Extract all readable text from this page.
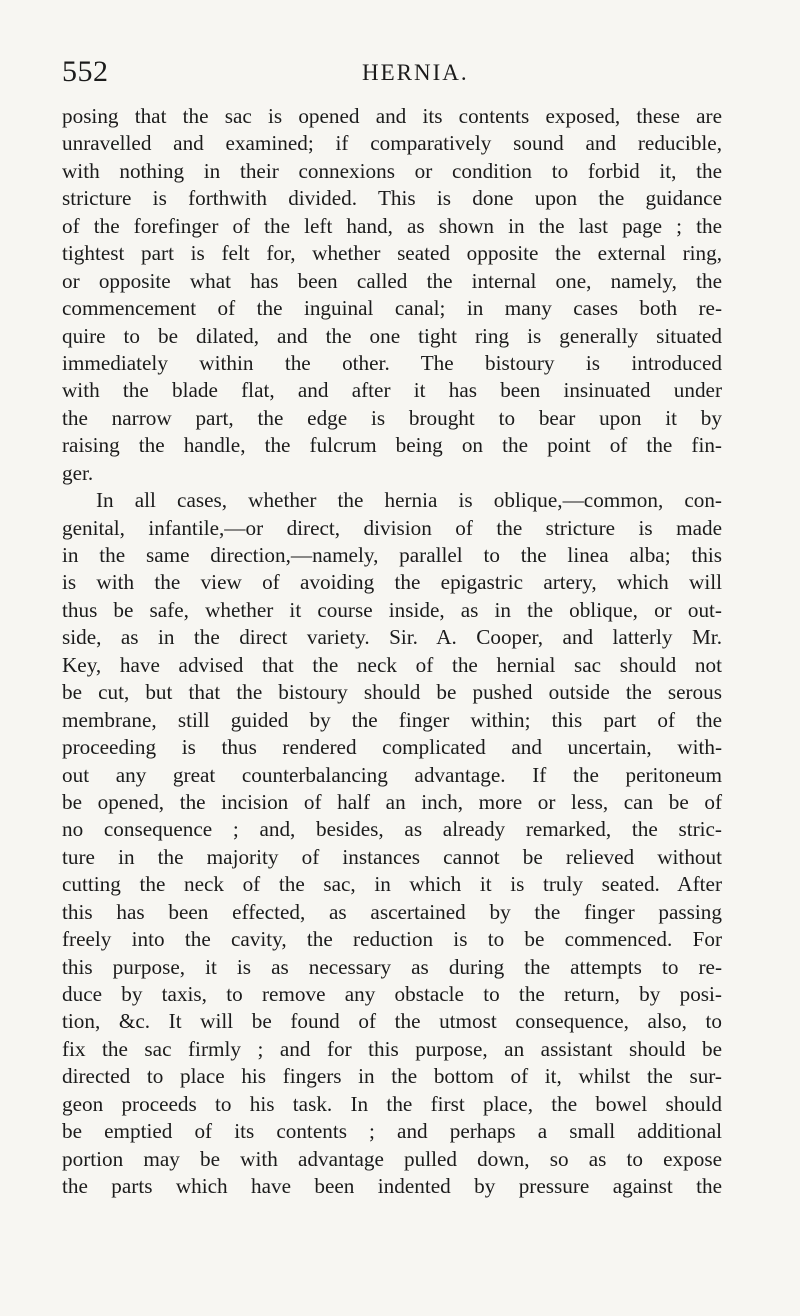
552	HERNIA.
posing that the sac is opened and its contents exposed, these are
unravelled and examined; if comparatively sound and reducible,
with nothing in their connexions or condition to forbid it, the
stricture is forthwith divided. This is done upon the guidance
of the forefinger of the left hand, as shown in the last page ; the
tightest part is felt for, whether seated opposite the external ring,
or opposite what has been called the internal one, namely, the
commencement of the inguinal canal; in many cases both re-
quire to be dilated, and the one tight ring is generally situated
immediately within the other. The bistoury is introduced
with the blade flat, and after it has been insinuated under
the narrow part, the edge is brought to bear upon it by
raising the handle, the fulcrum being on the point of the fin-
ger.
In all cases, whether the hernia is oblique,—common, con-
genital, infantile,—or direct, division of the stricture is made
in the same direction,—namely, parallel to the linea alba; this
is with the view of avoiding the epigastric artery, which will
thus be safe, whether it course inside, as in the oblique, or out-
side, as in the direct variety. Sir. A. Cooper, and latterly Mr.
Key, have advised that the neck of the hernial sac should not
be cut, but that the bistoury should be pushed outside the serous
membrane, still guided by the finger within; this part of the
proceeding is thus rendered complicated and uncertain, with-
out any great counterbalancing advantage. If the peritoneum
be opened, the incision of half an inch, more or less, can be of
no consequence ; and, besides, as already remarked, the stric-
ture in the majority of instances cannot be relieved without
cutting the neck of the sac, in which it is truly seated. After
this has been effected, as ascertained by the finger passing
freely into the cavity, the reduction is to be commenced. For
this purpose, it is as necessary as during the attempts to re-
duce by taxis, to remove any obstacle to the return, by posi-
tion, &c. It will be found of the utmost consequence, also, to
fix the sac firmly ; and for this purpose, an assistant should be
directed to place his fingers in the bottom of it, whilst the sur-
geon proceeds to his task. In the first place, the bowel should
be emptied of its contents ; and perhaps a small additional
portion may be with advantage pulled down, so as to expose
the parts which have been indented by pressure against the
